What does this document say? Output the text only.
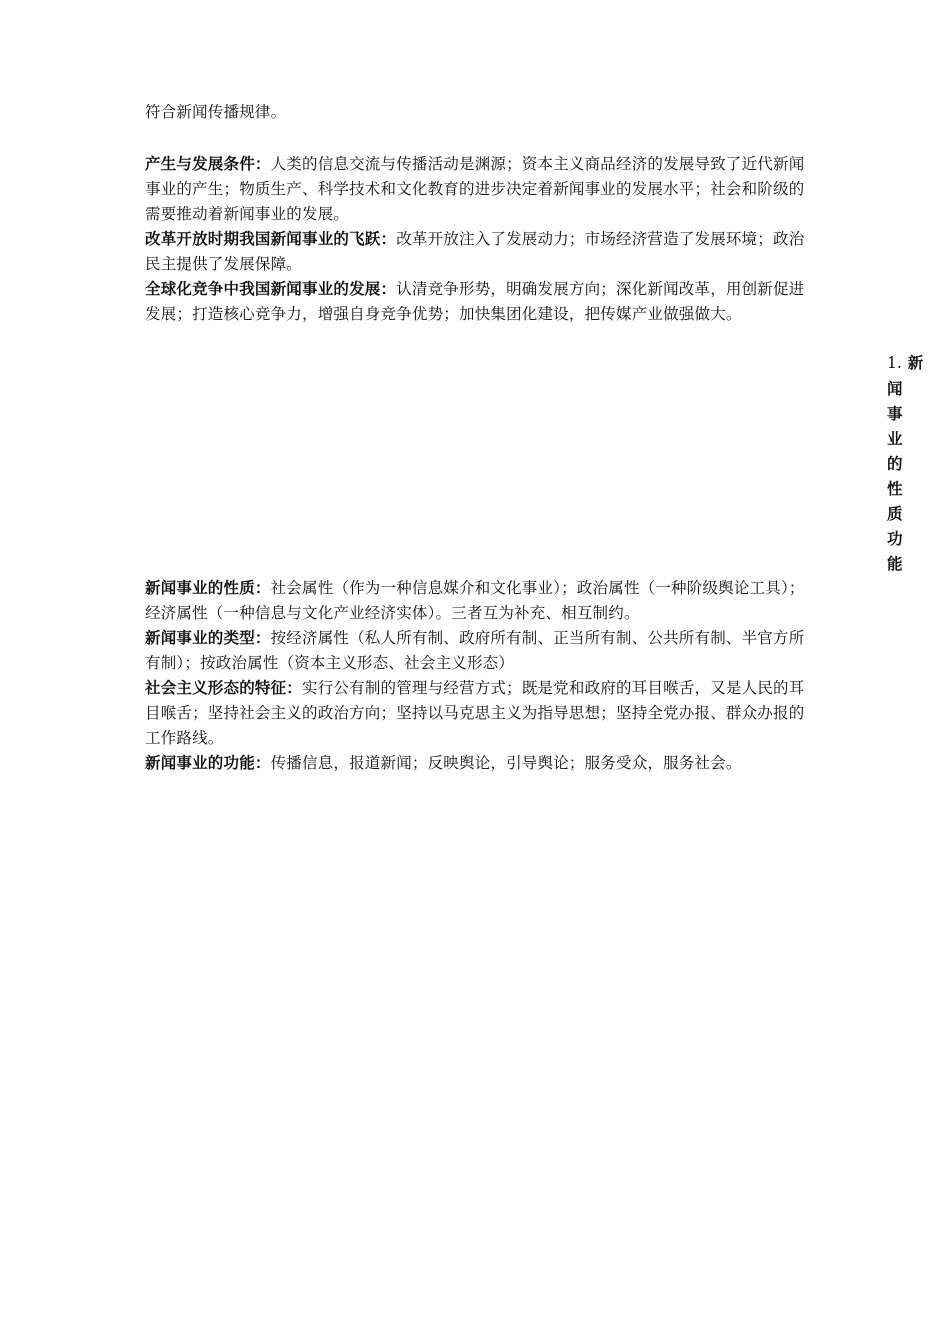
符合新闻传播规律。

产生与发展条件：人类的信息交流与传播活动是渊源；资本主义商品经济的发展导致了近代新闻事业的产生；物质生产、科学技术和文化教育的进步决定着新闻事业的发展水平；社会和阶级的需要推动着新闻事业的发展。

改革开放时期我国新闻事业的飞跃：改革开放注入了发展动力；市场经济营造了发展环境；政治民主提供了发展保障。

全球化竞争中我国新闻事业的发展：认清竞争形势，明确发展方向；深化新闻改革，用创新促进发展；打造核心竞争力，增强自身竞争优势；加快集团化建设，把传媒产业做强做大。

1. 新
闻
事
业
的
性
质
功
能

新闻事业的性质：社会属性（作为一种信息媒介和文化事业）；政治属性（一种阶级舆论工具）；经济属性（一种信息与文化产业经济实体）。三者互为补充、相互制约。

新闻事业的类型：按经济属性（私人所有制、政府所有制、正当所有制、公共所有制、半官方所有制）；按政治属性（资本主义形态、社会主义形态）

社会主义形态的特征：实行公有制的管理与经营方式；既是党和政府的耳目喉舌，又是人民的耳目喉舌；坚持社会主义的政治方向；坚持以马克思主义为指导思想；坚持全党办报、群众办报的工作路线。

新闻事业的功能：传播信息，报道新闻；反映舆论，引导舆论；服务受众，服务社会。
